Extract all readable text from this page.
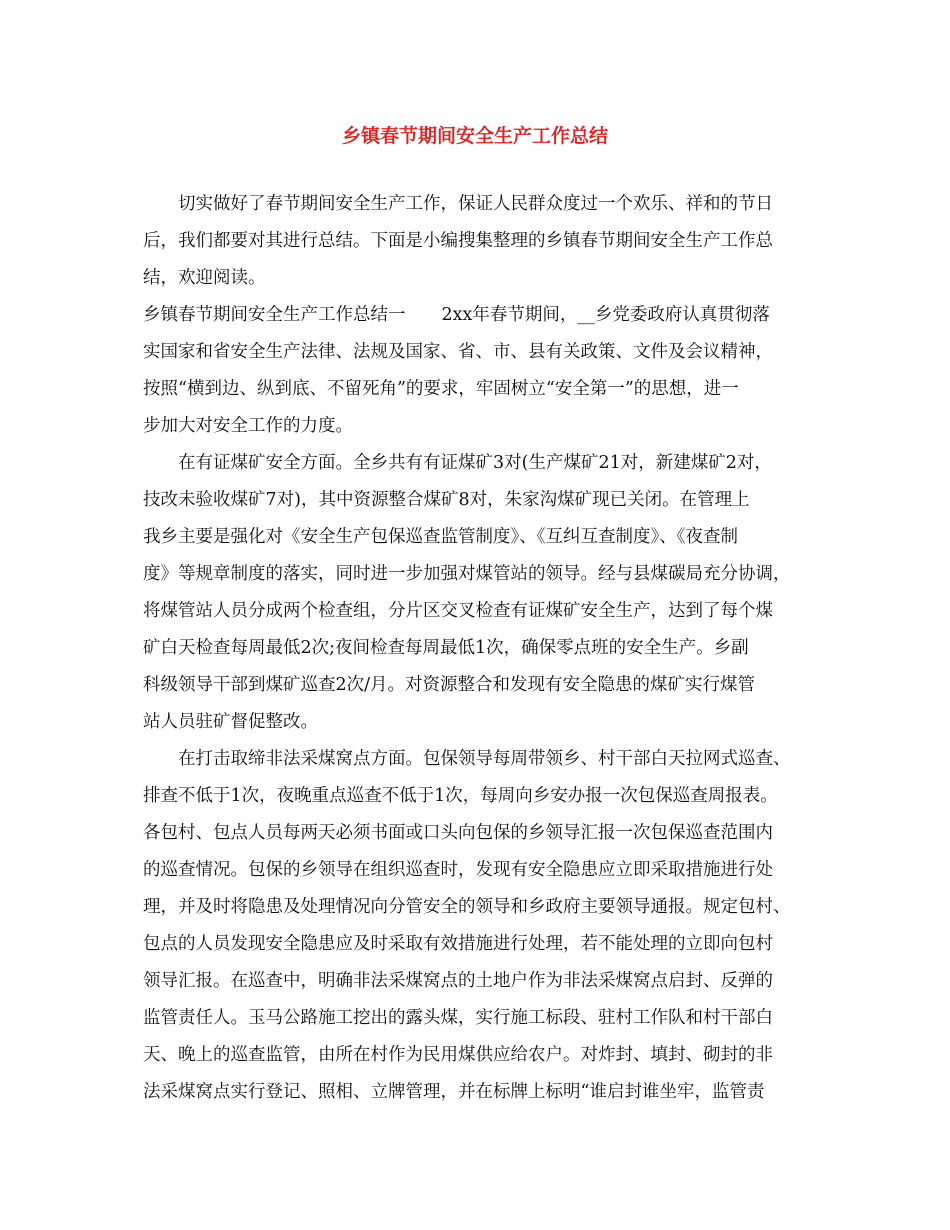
乡镇春节期间安全生产工作总结
切实做好了春节期间安全生产工作，保证人民群众度过一个欢乐、祥和的节日
后，我们都要对其进行总结。下面是小编搜集整理的乡镇春节期间安全生产工作总
结，欢迎阅读。
乡镇春节期间安全生产工作总结一 2xx年春节期间，__乡党委政府认真贯彻落
实国家和省安全生产法律、法规及国家、省、市、县有关政策、文件及会议精神，
按照“横到边、纵到底、不留死角”的要求，牢固树立“安全第一”的思想，进一
步加大对安全工作的力度。
在有证煤矿安全方面。全乡共有有证煤矿3对(生产煤矿21对，新建煤矿2对，
技改未验收煤矿7对)，其中资源整合煤矿8对，朱家沟煤矿现已关闭。在管理上
我乡主要是强化对《安全生产包保巡查监管制度》、《互纠互查制度》、《夜查制
度》等规章制度的落实，同时进一步加强对煤管站的领导。经与县煤碳局充分协调，
将煤管站人员分成两个检查组，分片区交叉检查有证煤矿安全生产，达到了每个煤
矿白天检查每周最低2次;夜间检查每周最低1次，确保零点班的安全生产。乡副
科级领导干部到煤矿巡查2次/月。对资源整合和发现有安全隐患的煤矿实行煤管
站人员驻矿督促整改。
在打击取缔非法采煤窝点方面。包保领导每周带领乡、村干部白天拉网式巡查、
排查不低于1次，夜晚重点巡查不低于1次，每周向乡安办报一次包保巡查周报表。
各包村、包点人员每两天必须书面或口头向包保的乡领导汇报一次包保巡查范围内
的巡查情况。包保的乡领导在组织巡查时，发现有安全隐患应立即采取措施进行处
理，并及时将隐患及处理情况向分管安全的领导和乡政府主要领导通报。规定包村、
包点的人员发现安全隐患应及时采取有效措施进行处理，若不能处理的立即向包村
领导汇报。在巡查中，明确非法采煤窝点的土地户作为非法采煤窝点启封、反弹的
监管责任人。玉马公路施工挖出的露头煤，实行施工标段、驻村工作队和村干部白
天、晚上的巡查监管，由所在村作为民用煤供应给农户。对炸封、填封、砌封的非
法采煤窝点实行登记、照相、立牌管理，并在标牌上标明“谁启封谁坐牢，监管责
